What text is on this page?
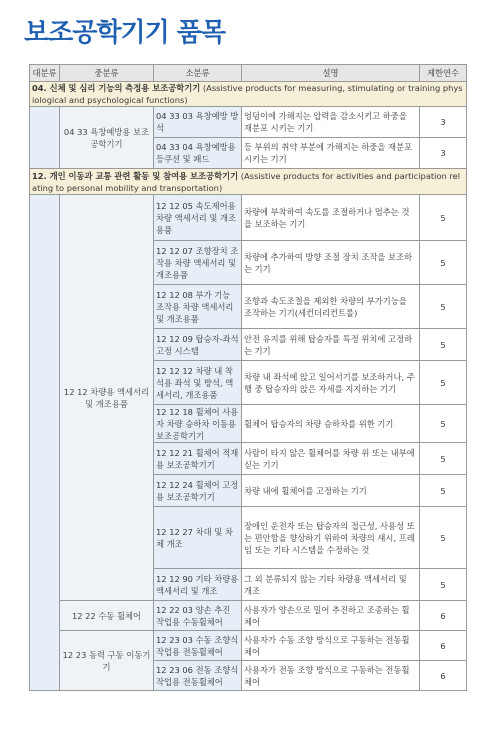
보조공학기기 품목
대분류	중분류	소분류	설명	제한연수
04. 신체 및 심리 기능의 측정용 보조공학기기 (Assistive products for measuring, stimulating or training physiological and psychological functions)				
	04 33 욕창예방용 보조공학기기	04 33 03 욕창예방 방석	엉덩이에 가해지는 압력을 감소시키고 하중을 재분포 시키는 기기	3
		04 33 04 욕창예방용 등쿠션 및 패드	등 부위의 취약 부분에 가해지는 하중을 재분포 시키는 기기	3
12. 개인 이동과 교통 관련 활동 및 참여용 보조공학기기 (Assistive products for activities and participation relating to personal mobility and transportation)				
	12 12 차량용 액세서리 및 개조용품	12 12 05 속도제어용 차량 액세서리 및 개조용품	차량에 부착하여 속도를 조절하거나 멈추는 것을 보조하는 기기	5
		12 12 07 조향장치 조작용 차량 액세서리 및 개조용품	차량에 추가하여 방향 조절 장치 조작을 보조하는 기기	5
		12 12 08 부가 기능 조작용 차량 액세서리 및 개조용품	조향과 속도조절을 제외한 차량의 부가기능을 조작하는 기기(세컨더리컨트롤)	5
		12 12 09 탑승자-좌석 고정 시스템	안전 유지를 위해 탑승자를 특정 위치에 고정하는 기기	5
		12 12 12 차량 내 착석용 좌석 및 방석, 액세서리, 개조용품	차량 내 좌석에 앉고 일어서기를 보조하거나, 주행 중 탑승자의 앉은 자세를 지지하는 기기	5
		12 12 18 휠체어 사용자 차량 승하차 이동용 보조공학기기	휠체어 탑승자의 차량 승하차를 위한 기기	5
		12 12 21 휠체어 적재용 보조공학기기	사람이 타지 않은 휠체어를 차량 위 또는 내부에 싣는 기기	5
		12 12 24 휠체어 고정용 보조공학기기	차량 내에 휠체어를 고정하는 기기	5
		12 12 27 차대 및 차체 개조	장애인 운전자 또는 탑승자의 접근성, 사용성 또는 편안함을 향상하기 위하여 차량의 섀시, 프레임 또는 기타 시스템을 수정하는 것	5
		12 12 90 기타 차량용 액세서리 및 개조	그 외 분류되지 않는 기타 차량용 액세서리 및 개조	5
	12 22 수동 휠체어	12 22 03 양손 추진 작업용 수동휠체어	사용자가 양손으로 밀어 추진하고 조종하는 휠체어	6
	12 23 동력 구동 이동기기	12 23 03 수동 조향식 작업용 전동휠체어	사용자가 수동 조향 방식으로 구동하는 전동휠체어	6
		12 23 06 전동 조향식 작업용 전동휠체어	사용자가 전동 조향 방식으로 구동하는 전동휠체어	6
